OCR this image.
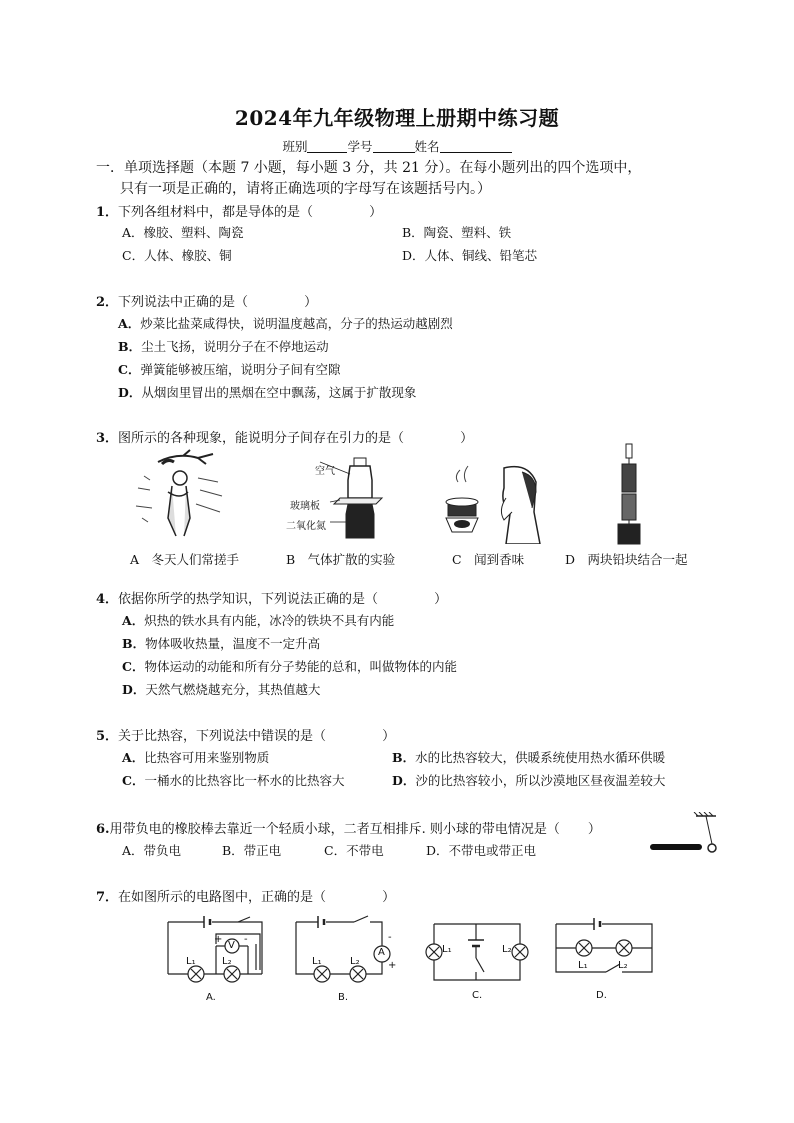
2024年九年级物理上册期中练习题
班别	学号	姓名
一．单项选择题（本题 7 小题，每小题 3 分，共 21 分）。在每小题列出的四个选项中，
只有一项是正确的，请将正确选项的字母写在该题括号内。）
1．下列各组材料中，都是导体的是（	）
A．橡胶、塑料、陶瓷	B．陶瓷、塑料、铁
C．人体、橡胶、铜	D．人体、铜线、铅笔芯
2．下列说法中正确的是（	）
A．炒菜比盐菜咸得快，说明温度越高，分子的热运动越剧烈
B．尘土飞扬，说明分子在不停地运动
C．弹簧能够被压缩，说明分子间有空隙
D．从烟囱里冒出的黑烟在空中飘荡，这属于扩散现象
3．图所示的各种现象，能说明分子间存在引力的是（	）
空气
玻璃板
二氧化氮
A　冬天人们常搓手	B　气体扩散的实验	C　闻到香味	D　两块铅块结合一起
4．依据你所学的热学知识，下列说法正确的是（	）
A．炽热的铁水具有内能，冰冷的铁块不具有内能
B．物体吸收热量，温度不一定升高
C．物体运动的动能和所有分子势能的总和，叫做物体的内能
D．天然气燃烧越充分，其热值越大
5．关于比热容，下列说法中错误的是（	）
A．比热容可用来鉴别物质	B．水的比热容较大，供暖系统使用热水循环供暖
C．一桶水的比热容比一杯水的比热容大	D．沙的比热容较小，所以沙漠地区昼夜温差较大
6.用带负电的橡胶棒去靠近一个轻质小球，二者互相排斥. 则小球的带电情况是（ ）
A．带负电	B．带正电	C．不带电	D．不带电或带正电
7．在如图所示的电路图中，正确的是（	）
V
+ -
L₁	L₂
A.
A
-
+
L₁	L₂
B.
L₁	L₂
C.
L₁	L₂
D.
